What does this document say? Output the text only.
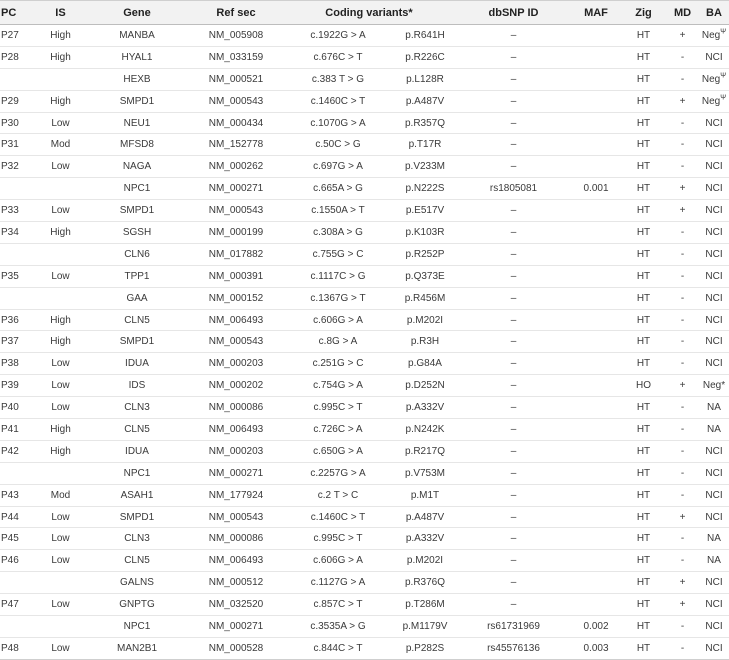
PC	IS	Gene	Ref sec	Coding variants*		dbSNP ID	MAF	Zig	MD	BA
P27	High	MANBA	NM_005908	c.1922G > A	p.R641H	–		HT	+	Neg$^\Psi$
P28	High	HYAL1	NM_033159	c.676C > T	p.R226C	–		HT	-	NCI
		HEXB	NM_000521	c.383 T > G	p.L128R	–		HT	-	Neg$^\Psi$
P29	High	SMPD1	NM_000543	c.1460C > T	p.A487V	–		HT	+	Neg$^\Psi$
P30	Low	NEU1	NM_000434	c.1070G > A	p.R357Q	–		HT	-	NCI
P31	Mod	MFSD8	NM_152778	c.50C > G	p.T17R	–		HT	-	NCI
P32	Low	NAGA	NM_000262	c.697G > A	p.V233M	–		HT	-	NCI
		NPC1	NM_000271	c.665A > G	p.N222S	rs1805081	0.001	HT	+	NCI
P33	Low	SMPD1	NM_000543	c.1550A > T	p.E517V	–		HT	+	NCI
P34	High	SGSH	NM_000199	c.308A > G	p.K103R	–		HT	-	NCI
		CLN6	NM_017882	c.755G > C	p.R252P	–		HT	-	NCI
P35	Low	TPP1	NM_000391	c.1117C > G	p.Q373E	–		HT	-	NCI
		GAA	NM_000152	c.1367G > T	p.R456M	–		HT	-	NCI
P36	High	CLN5	NM_006493	c.606G > A	p.M202I	–		HT	-	NCI
P37	High	SMPD1	NM_000543	c.8G > A	p.R3H	–		HT	-	NCI
P38	Low	IDUA	NM_000203	c.251G > C	p.G84A	–		HT	-	NCI
P39	Low	IDS	NM_000202	c.754G > A	p.D252N	–		HO	+	Neg*
P40	Low	CLN3	NM_000086	c.995C > T	p.A332V	–		HT	-	NA
P41	High	CLN5	NM_006493	c.726C > A	p.N242K	–		HT	-	NA
P42	High	IDUA	NM_000203	c.650G > A	p.R217Q	–		HT	-	NCI
		NPC1	NM_000271	c.2257G > A	p.V753M	–		HT	-	NCI
P43	Mod	ASAH1	NM_177924	c.2 T > C	p.M1T	–		HT	-	NCI
P44	Low	SMPD1	NM_000543	c.1460C > T	p.A487V	–		HT	+	NCI
P45	Low	CLN3	NM_000086	c.995C > T	p.A332V	–		HT	-	NA
P46	Low	CLN5	NM_006493	c.606G > A	p.M202I	–		HT	-	NA
		GALNS	NM_000512	c.1127G > A	p.R376Q	–		HT	+	NCI
P47	Low	GNPTG	NM_032520	c.857C > T	p.T286M	–		HT	+	NCI
		NPC1	NM_000271	c.3535A > G	p.M1179V	rs61731969	0.002	HT	-	NCI
P48	Low	MAN2B1	NM_000528	c.844C > T	p.P282S	rs45576136	0.003	HT	-	NCI
